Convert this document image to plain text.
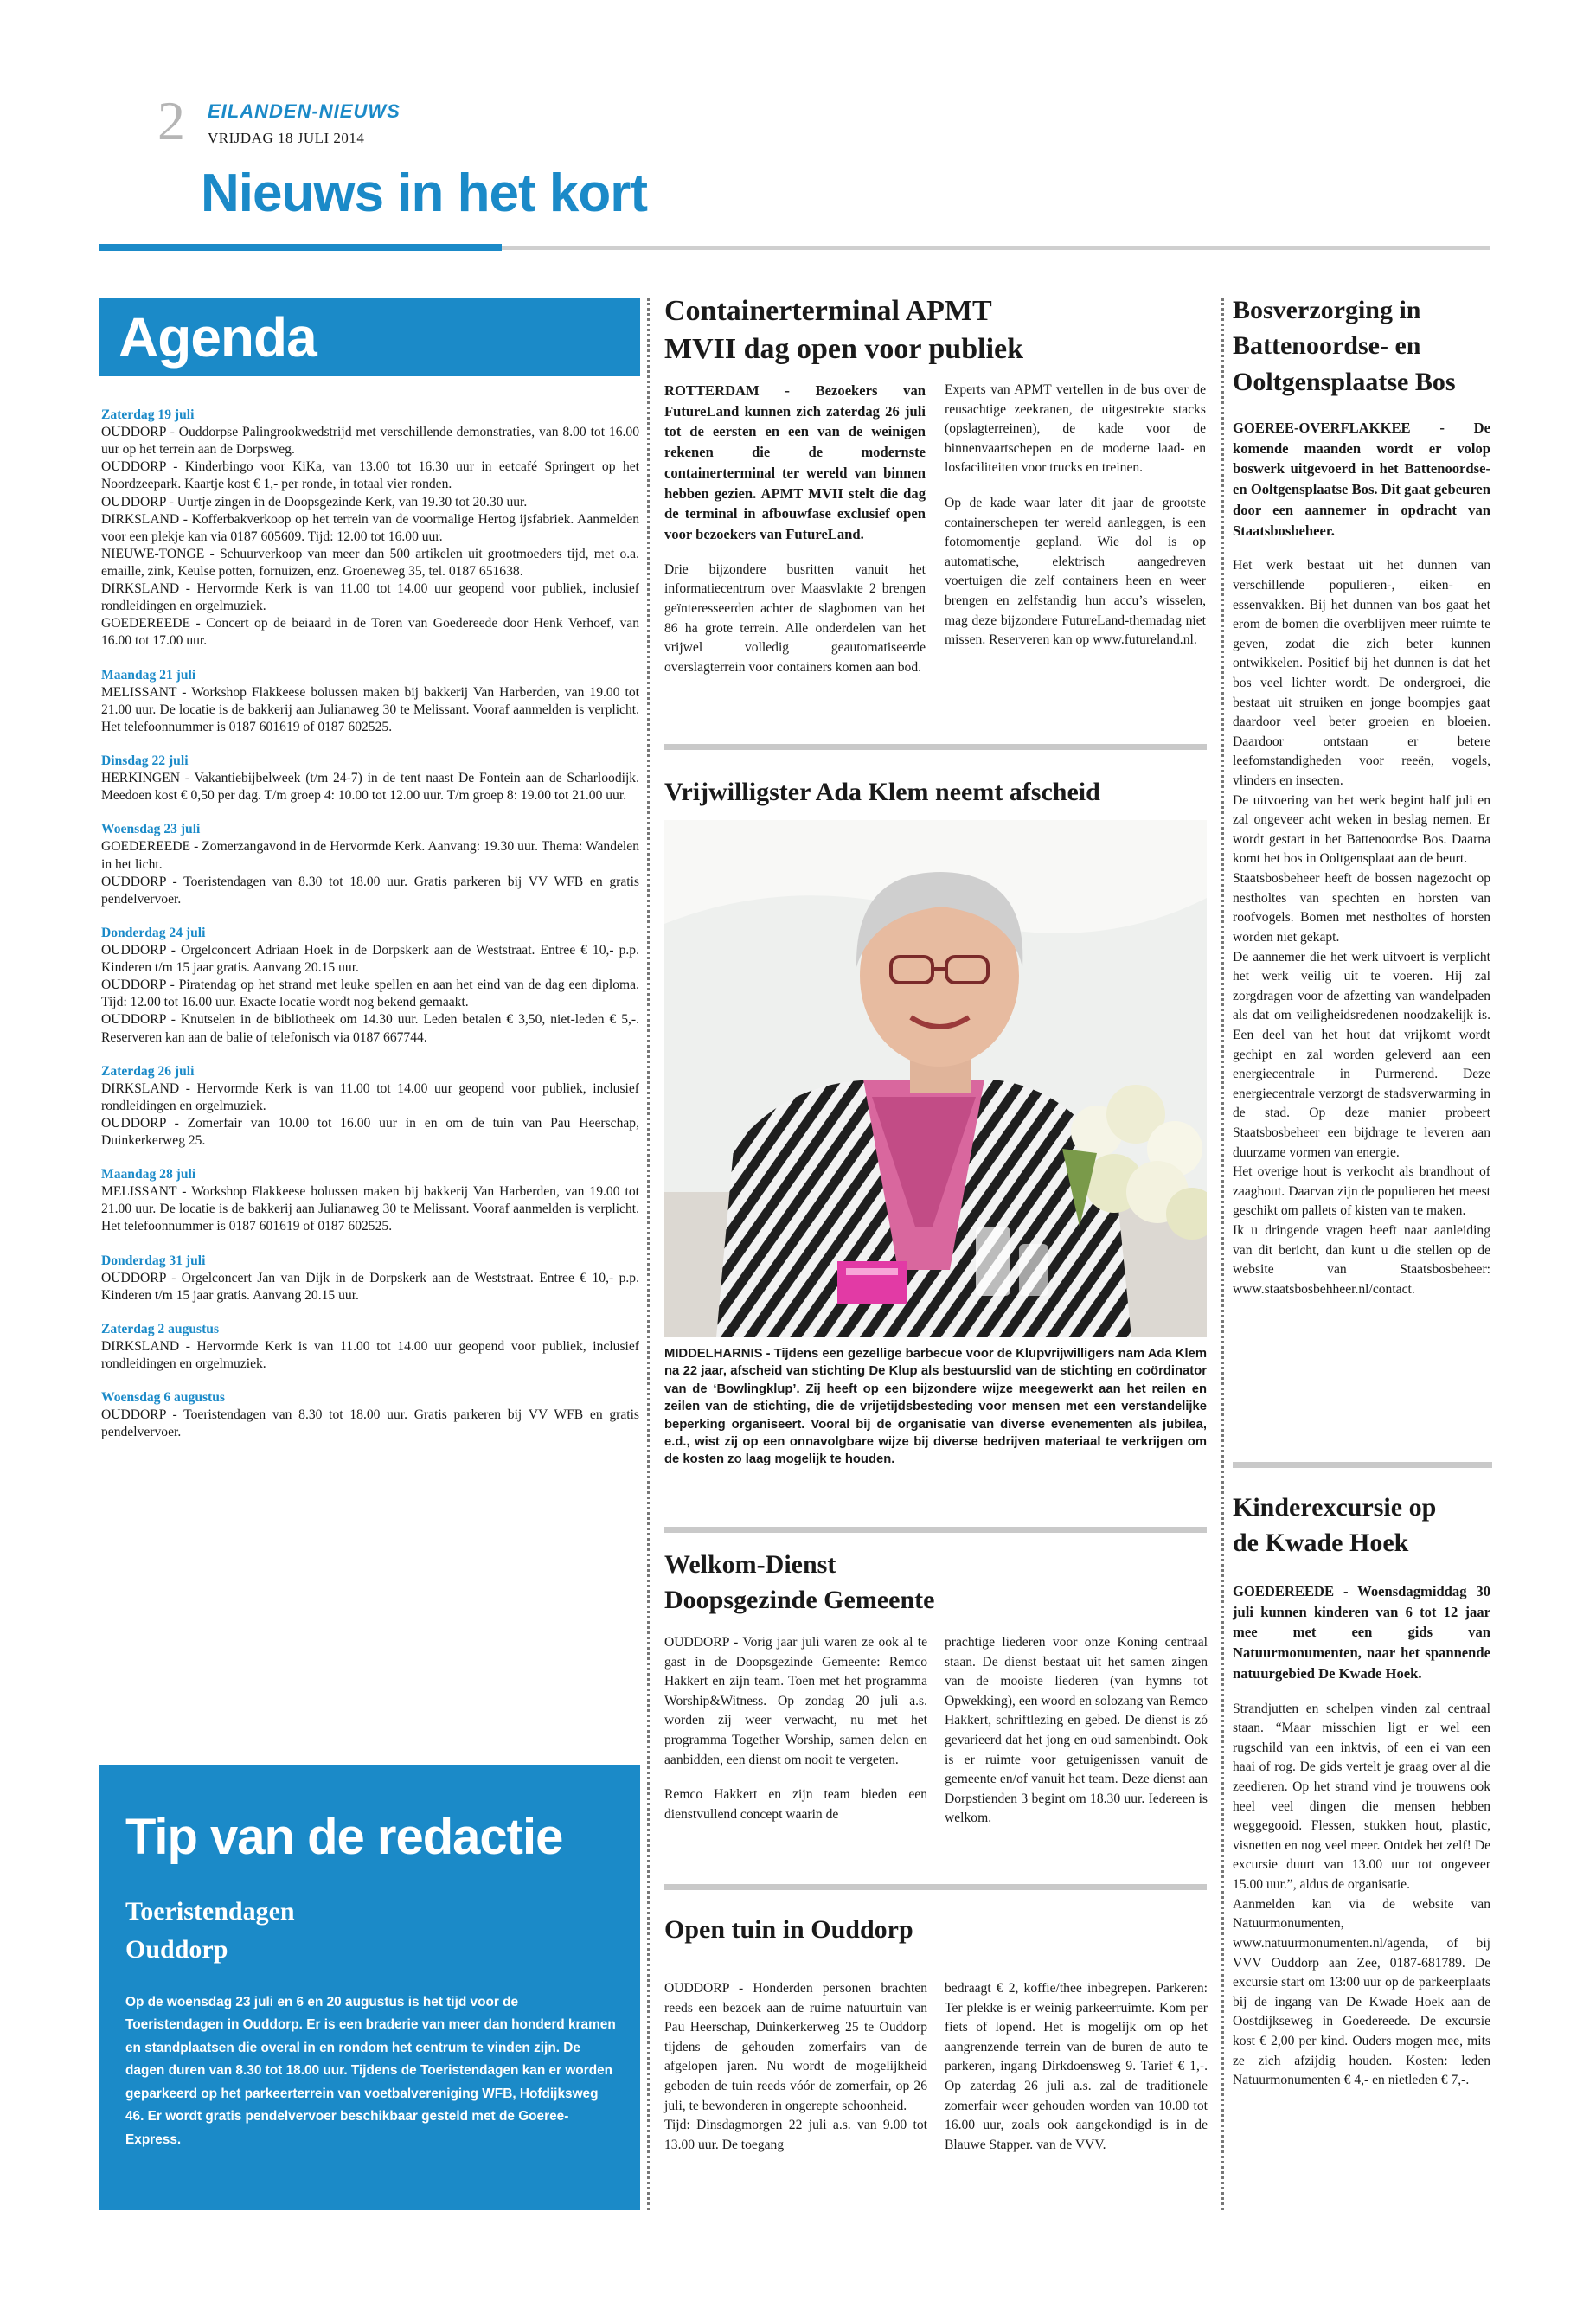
2 EILANDEN-NIEUWS
VRIJDAG 18 JULI 2014
Nieuws in het kort
Agenda
Zaterdag 19 juli
OUDDORP - Ouddorpse Palingrookwedstrijd met verschillende demonstraties, van 8.00 tot 16.00 uur op het terrein aan de Dorpsweg.
OUDDORP - Kinderbingo voor KiKa, van 13.00 tot 16.30 uur in eetcafé Springert op het Noordzeepark. Kaartje kost € 1,- per ronde, in totaal vier ronden.
OUDDORP - Uurtje zingen in de Doopsgezinde Kerk, van 19.30 tot 20.30 uur.
DIRKSLAND - Kofferbakverkoop op het terrein van de voormalige Hertog ijsfabriek. Aanmelden voor een plekje kan via 0187 605609. Tijd: 12.00 tot 16.00 uur.
NIEUWE-TONGE - Schuurverkoop van meer dan 500 artikelen uit grootmoeders tijd, met o.a. emaille, zink, Keulse potten, fornuizen, enz. Groeneweg 35, tel. 0187 651638.
DIRKSLAND - Hervormde Kerk is van 11.00 tot 14.00 uur geopend voor publiek, inclusief rondleidingen en orgelmuziek.
GOEDEREEDE - Concert op de beiaard in de Toren van Goedereede door Henk Verhoef, van 16.00 tot 17.00 uur.
Maandag 21 juli
MELISSANT - Workshop Flakkeese bolussen maken bij bakkerij Van Harberden, van 19.00 tot 21.00 uur. De locatie is de bakkerij aan Julianaweg 30 te Melissant. Vooraf aanmelden is verplicht. Het telefoonnummer is 0187 601619 of 0187 602525.
Dinsdag 22 juli
HERKINGEN - Vakantiebijbelweek (t/m 24-7) in de tent naast De Fontein aan de Scharloodijk. Meedoen kost € 0,50 per dag. T/m groep 4: 10.00 tot 12.00 uur. T/m groep 8: 19.00 tot 21.00 uur.
Woensdag 23 juli
GOEDEREEDE - Zomerzangavond in de Hervormde Kerk. Aanvang: 19.30 uur. Thema: Wandelen in het licht.
OUDDORP - Toeristendagen van 8.30 tot 18.00 uur. Gratis parkeren bij VV WFB en gratis pendelvervoer.
Donderdag 24 juli
OUDDORP - Orgelconcert Adriaan Hoek in de Dorpskerk aan de Weststraat. Entree € 10,- p.p. Kinderen t/m 15 jaar gratis. Aanvang 20.15 uur.
OUDDORP - Piratendag op het strand met leuke spellen en aan het eind van de dag een diploma. Tijd: 12.00 tot 16.00 uur. Exacte locatie wordt nog bekend gemaakt.
OUDDORP - Knutselen in de bibliotheek om 14.30 uur. Leden betalen € 3,50, niet-leden € 5,-. Reserveren kan aan de balie of telefonisch via 0187 667744.
Zaterdag 26 juli
DIRKSLAND - Hervormde Kerk is van 11.00 tot 14.00 uur geopend voor publiek, inclusief rondleidingen en orgelmuziek.
OUDDORP - Zomerfair van 10.00 tot 16.00 uur in en om de tuin van Pau Heerschap, Duinkerkerweg 25.
Maandag 28 juli
MELISSANT - Workshop Flakkeese bolussen maken bij bakkerij Van Harberden, van 19.00 tot 21.00 uur. De locatie is de bakkerij aan Julianaweg 30 te Melissant. Vooraf aanmelden is verplicht. Het telefoonnummer is 0187 601619 of 0187 602525.
Donderdag 31 juli
OUDDORP - Orgelconcert Jan van Dijk in de Dorpskerk aan de Weststraat. Entree € 10,- p.p. Kinderen t/m 15 jaar gratis. Aanvang 20.15 uur.
Zaterdag 2 augustus
DIRKSLAND - Hervormde Kerk is van 11.00 tot 14.00 uur geopend voor publiek, inclusief rondleidingen en orgelmuziek.
Woensdag 6 augustus
OUDDORP - Toeristendagen van 8.30 tot 18.00 uur. Gratis parkeren bij VV WFB en gratis pendelvervoer.
Tip van de redactie
Toeristendagen
Ouddorp
Op de woensdag 23 juli en 6 en 20 augustus is het tijd voor de Toeristendagen in Ouddorp. Er is een braderie van meer dan honderd kramen en standplaatsen die overal in en rondom het centrum te vinden zijn. De dagen duren van 8.30 tot 18.00 uur. Tijdens de Toeristendagen kan er worden geparkeerd op het parkeerterrein van voetbalvereniging WFB, Hofdijksweg 46. Er wordt gratis pendelvervoer beschikbaar gesteld met de Goeree-Express.
Containerterminal APMT
MVII dag open voor publiek
ROTTERDAM - Bezoekers van FutureLand kunnen zich zaterdag 26 juli tot de eersten en een van de weinigen rekenen die de modernste containerterminal ter wereld van binnen hebben gezien. APMT MVII stelt die dag de terminal in afbouwfase exclusief open voor bezoekers van FutureLand.
Drie bijzondere busritten vanuit het informatiecentrum over Maasvlakte 2 brengen geïnteresseerden achter de slagbomen van het 86 ha grote terrein. Alle onderdelen van het vrijwel volledig geautomatiseerde overslagterrein voor containers komen aan bod.
Experts van APMT vertellen in de bus over de reusachtige zeekranen, de uitgestrekte stacks (opslagterreinen), de kade voor de binnenvaartschepen en de moderne laad- en losfaciliteiten voor trucks en treinen.
Op de kade waar later dit jaar de grootste containerschepen ter wereld aanleggen, is een fotomomentje gepland. Wie dol is op automatische, elektrisch aangedreven voertuigen die zelf containers heen en weer brengen en zelfstandig hun accu’s wisselen, mag deze bijzondere FutureLand-themadag niet missen. Reserveren kan op www.futureland.nl.
Vrijwilligster Ada Klem neemt afscheid
MIDDELHARNIS - Tijdens een gezellige barbecue voor de Klupvrijwilligers nam Ada Klem na 22 jaar, afscheid van stichting De Klup als bestuurslid van de stichting en coördinator van de ‘Bowlingklup’. Zij heeft op een bijzondere wijze meegewerkt aan het reilen en zeilen van de stichting, die de vrijetijdsbesteding voor mensen met een verstandelijke beperking organiseert. Vooral bij de organisatie van diverse evenementen als jubilea, e.d., wist zij op een onnavolgbare wijze bij diverse bedrijven materiaal te verkrijgen om de kosten zo laag mogelijk te houden.
Welkom-Dienst
Doopsgezinde Gemeente
OUDDORP - Vorig jaar juli waren ze ook al te gast in de Doopsgezinde Gemeente: Remco Hakkert en zijn team. Toen met het programma Worship&Witness. Op zondag 20 juli a.s. worden zij weer verwacht, nu met het programma Together Worship, samen delen en aanbidden, een dienst om nooit te vergeten.
Remco Hakkert en zijn team bieden een dienstvullend concept waarin de
prachtige liederen voor onze Koning centraal staan. De dienst bestaat uit het samen zingen van de mooiste liederen (van hymns tot Opwekking), een woord en solozang van Remco Hakkert, schriftlezing en gebed. De dienst is zó gevarieerd dat het jong en oud samenbindt. Ook is er ruimte voor getuigenissen vanuit de gemeente en/of vanuit het team. Deze dienst aan Dorpstienden 3 begint om 18.30 uur. Iedereen is welkom.
Open tuin in Ouddorp
OUDDORP - Honderden personen brachten reeds een bezoek aan de ruime natuurtuin van Pau Heerschap, Duinkerkerweg 25 te Ouddorp tijdens de gehouden zomerfairs van de afgelopen jaren. Nu wordt de mogelijkheid geboden de tuin reeds vóór de zomerfair, op 26 juli, te bewonderen in ongerepte schoonheid.
Tijd: Dinsdagmorgen 22 juli a.s. van 9.00 tot 13.00 uur. De toegang
bedraagt € 2, koffie/thee inbegrepen. Parkeren: Ter plekke is er weinig parkeerruimte. Kom per fiets of lopend. Het is mogelijk om op het aangrenzende terrein van de buren de auto te parkeren, ingang Dirkdoensweg 9. Tarief € 1,-. Op zaterdag 26 juli a.s. zal de traditionele zomerfair weer gehouden worden van 10.00 tot 16.00 uur, zoals ook aangekondigd is in de Blauwe Stapper. van de VVV.
Bosverzorging in
Battenoordse- en
Ooltgensplaatse Bos
GOEREE-OVERFLAKKEE - De komende maanden wordt er volop boswerk uitgevoerd in het Battenoordse- en Ooltgensplaatse Bos. Dit gaat gebeuren door een aannemer in opdracht van Staatsbosbeheer.
Het werk bestaat uit het dunnen van verschillende populieren-, eiken- en essenvakken. Bij het dunnen van bos gaat het erom de bomen die overblijven meer ruimte te geven, zodat die zich beter kunnen ontwikkelen. Positief bij het dunnen is dat het bos veel lichter wordt. De ondergroei, die bestaat uit struiken en jonge boompjes gaat daardoor veel beter groeien en bloeien. Daardoor ontstaan er betere leefomstandigheden voor reeën, vogels, vlinders en insecten.
De uitvoering van het werk begint half juli en zal ongeveer acht weken in beslag nemen. Er wordt gestart in het Battenoordse Bos. Daarna komt het bos in Ooltgensplaat aan de beurt.
Staatsbosbeheer heeft de bossen nagezocht op nestholtes van spechten en horsten van roofvogels. Bomen met nestholtes of horsten worden niet gekapt.
De aannemer die het werk uitvoert is verplicht het werk veilig uit te voeren. Hij zal zorgdragen voor de afzetting van wandelpaden als dat om veiligheidsredenen noodzakelijk is. Een deel van het hout dat vrijkomt wordt gechipt en zal worden geleverd aan een energiecentrale in Purmerend. Deze energiecentrale verzorgt de stadsverwarming in de stad. Op deze manier probeert Staatsbosbeheer een bijdrage te leveren aan duurzame vormen van energie.
Het overige hout is verkocht als brandhout of zaaghout. Daarvan zijn de populieren het meest geschikt om pallets of kisten van te maken.
Ik u dringende vragen heeft naar aanleiding van dit bericht, dan kunt u die stellen op de website van Staatsbosbeheer: www.staatsbosbehheer.nl/contact.
Kinderexcursie op
de Kwade Hoek
GOEDEREEDE - Woensdagmiddag 30 juli kunnen kinderen van 6 tot 12 jaar mee met een gids van Natuurmonumenten, naar het spannende natuurgebied De Kwade Hoek.
Strandjutten en schelpen vinden zal centraal staan. “Maar misschien ligt er wel een rugschild van een inktvis, of een ei van een haai of rog. De gids vertelt je graag over al die zeedieren. Op het strand vind je trouwens ook heel veel dingen die mensen hebben weggegooid. Flessen, stukken hout, plastic, visnetten en nog veel meer. Ontdek het zelf! De excursie duurt van 13.00 uur tot ongeveer 15.00 uur.”, aldus de organisatie.
Aanmelden kan via de website van Natuurmonumenten, www.natuurmonumenten.nl/agenda, of bij VVV Ouddorp aan Zee, 0187-681789. De excursie start om 13:00 uur op de parkeerplaats bij de ingang van De Kwade Hoek aan de Oostdijkseweg in Goedereede. De excursie kost € 2,00 per kind. Ouders mogen mee, mits ze zich afzijdig houden. Kosten: leden Natuurmonumenten € 4,- en nietleden € 7,-.
